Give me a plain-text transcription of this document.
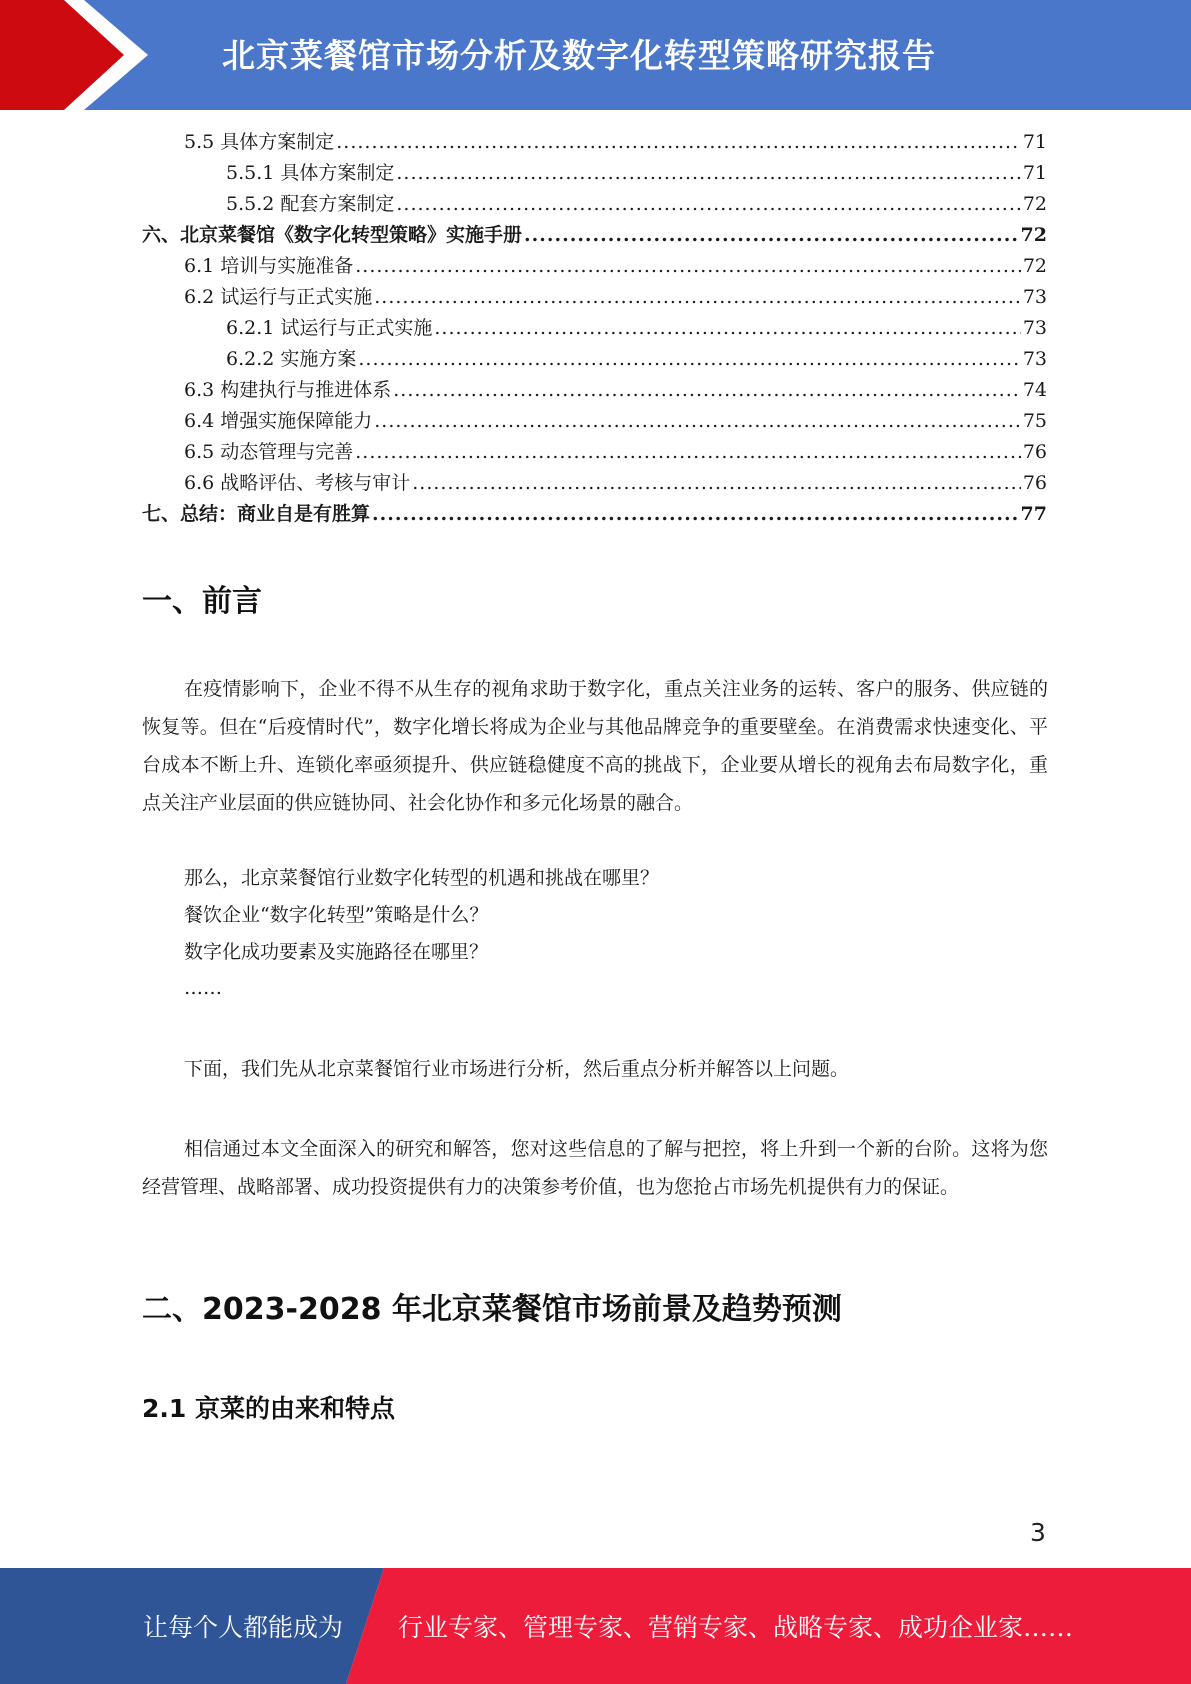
北京菜餐馆市场分析及数字化转型策略研究报告
5.5 具体方案制定 .....	71
5.5.1 具体方案制定 .....	71
5.5.2 配套方案制定 .....	72
六、北京菜餐馆《数字化转型策略》实施手册 .....	72
6.1 培训与实施准备 .....	72
6.2 试运行与正式实施 .....	73
6.2.1 试运行与正式实施 .....	73
6.2.2 实施方案 .....	73
6.3 构建执行与推进体系 .....	74
6.4 增强实施保障能力 .....	75
6.5 动态管理与完善 .....	76
6.6 战略评估、考核与审计 .....	76
七、总结：商业自是有胜算 .....	77
一、前言
在疫情影响下，企业不得不从生存的视角求助于数字化，重点关注业务的运转、客户的服务、供应链的恢复等。但在“后疫情时代”，数字化增长将成为企业与其他品牌竞争的重要壁垒。在消费需求快速变化、平台成本不断上升、连锁化率亟须提升、供应链稳健度不高的挑战下，企业要从增长的视角去布局数字化，重点关注产业层面的供应链协同、社会化协作和多元化场景的融合。
那么，北京菜餐馆行业数字化转型的机遇和挑战在哪里？
餐饮企业“数字化转型”策略是什么？
数字化成功要素及实施路径在哪里？
……
下面，我们先从北京菜餐馆行业市场进行分析，然后重点分析并解答以上问题。
相信通过本文全面深入的研究和解答，您对这些信息的了解与把控，将上升到一个新的台阶。这将为您经营管理、战略部署、成功投资提供有力的决策参考价值，也为您抢占市场先机提供有力的保证。
二、2023-2028 年北京菜餐馆市场前景及趋势预测
2.1 京菜的由来和特点
3
让每个人都能成为 行业专家、管理专家、营销专家、战略专家、成功企业家……
